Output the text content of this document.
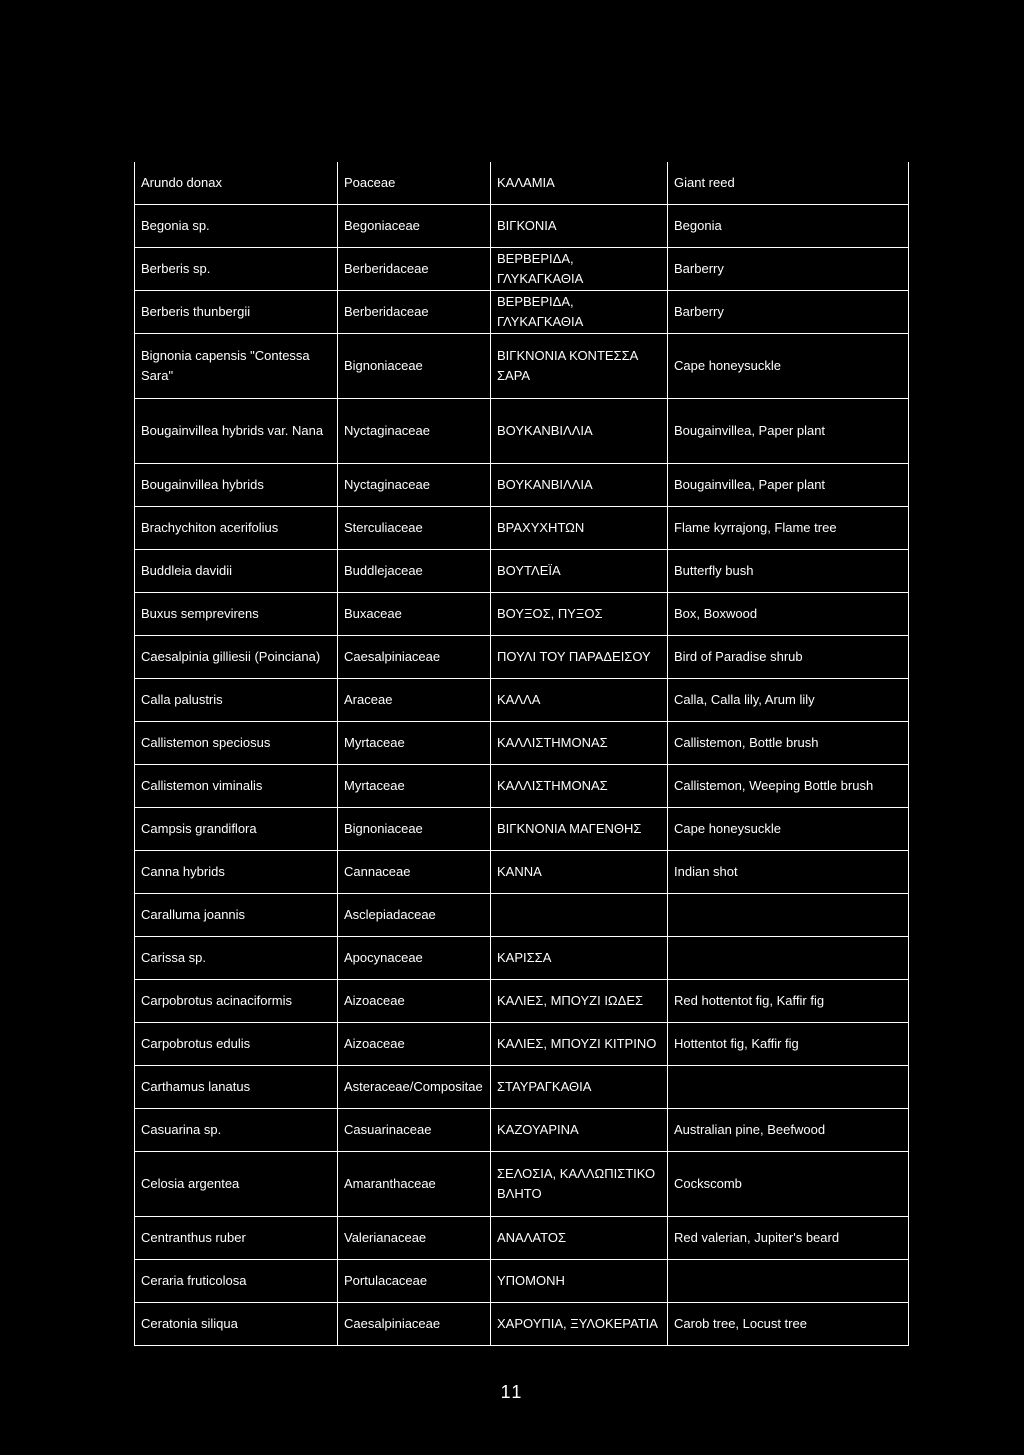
Arundo donax	Poaceae	ΚΑΛΑΜΙΑ	Giant reed
Begonia sp.	Begoniaceae	ΒΙΓΚΟΝΙΑ	Begonia
Berberis sp.	Berberidaceae	ΒΕΡΒΕΡΙΔΑ, ΓΛΥΚΑΓΚΑΘΙΑ	Barberry
Berberis thunbergii	Berberidaceae	ΒΕΡΒΕΡΙΔΑ, ΓΛΥΚΑΓΚΑΘΙΑ	Barberry
Bignonia capensis "Contessa Sara"	Bignoniaceae	ΒΙΓΚΝΟΝΙΑ ΚΟΝΤΕΣΣΑ ΣΑΡΑ	Cape honeysuckle
Bougainvillea hybrids var. Nana	Nyctaginaceae	ΒΟΥΚΑΝΒΙΛΛΙΑ	Bougainvillea, Paper plant
Bougainvillea hybrids	Nyctaginaceae	ΒΟΥΚΑΝΒΙΛΛΙΑ	Bougainvillea, Paper plant
Brachychiton acerifolius	Sterculiaceae	ΒΡΑΧΥΧΗΤΩΝ	Flame kyrrajong, Flame tree
Buddleia davidii	Buddlejaceae	ΒΟΥΤΛΕΪΑ	Butterfly bush
Buxus semprevirens	Buxaceae	ΒΟΥΞΟΣ, ΠΥΞΟΣ	Box, Boxwood
Caesalpinia gilliesii (Poinciana)	Caesalpiniaceae	ΠΟΥΛΙ ΤΟΥ ΠΑΡΑΔΕΙΣΟΥ	Bird of Paradise shrub
Calla palustris	Araceae	ΚΑΛΛΑ	Calla, Calla lily, Arum lily
Callistemon speciosus	Myrtaceae	ΚΑΛΛΙΣΤΗΜΟΝΑΣ	Callistemon, Bottle brush
Callistemon viminalis	Myrtaceae	ΚΑΛΛΙΣΤΗΜΟΝΑΣ	Callistemon, Weeping Bottle brush
Campsis grandiflora	Bignoniaceae	ΒΙΓΚΝΟΝΙΑ ΜΑΓΕΝΘΗΣ	Cape honeysuckle
Canna hybrids	Cannaceae	ΚΑΝΝΑ	Indian shot
Caralluma joannis	Asclepiadaceae		
Carissa sp.	Apocynaceae	ΚΑΡΙΣΣΑ	
Carpobrotus acinaciformis	Aizoaceae	ΚΑΛΙΕΣ, ΜΠΟΥΖΙ ΙΩΔΕΣ	Red hottentot fig, Kaffir fig
Carpobrotus edulis	Aizoaceae	ΚΑΛΙΕΣ, ΜΠΟΥΖΙ ΚΙΤΡΙΝΟ	Hottentot fig, Kaffir fig
Carthamus lanatus	Asteraceae/Compositae	ΣΤΑΥΡΑΓΚΑΘΙΑ	
Casuarina sp.	Casuarinaceae	ΚΑΖΟΥΑΡΙΝΑ	Australian pine, Beefwood
Celosia argentea	Amaranthaceae	ΣΕΛΟΣΙΑ, ΚΑΛΛΩΠΙΣΤΙΚΟ ΒΛΗΤΟ	Cockscomb
Centranthus ruber	Valerianaceae	ΑΝΑΛΑΤΟΣ	Red valerian, Jupiter's beard
Ceraria fruticolosa	Portulacaceae	ΥΠΟΜΟΝΗ	
Ceratonia siliqua	Caesalpiniaceae	ΧΑΡΟΥΠΙΑ, ΞΥΛΟΚΕΡΑΤΙΑ	Carob tree, Locust tree
11
